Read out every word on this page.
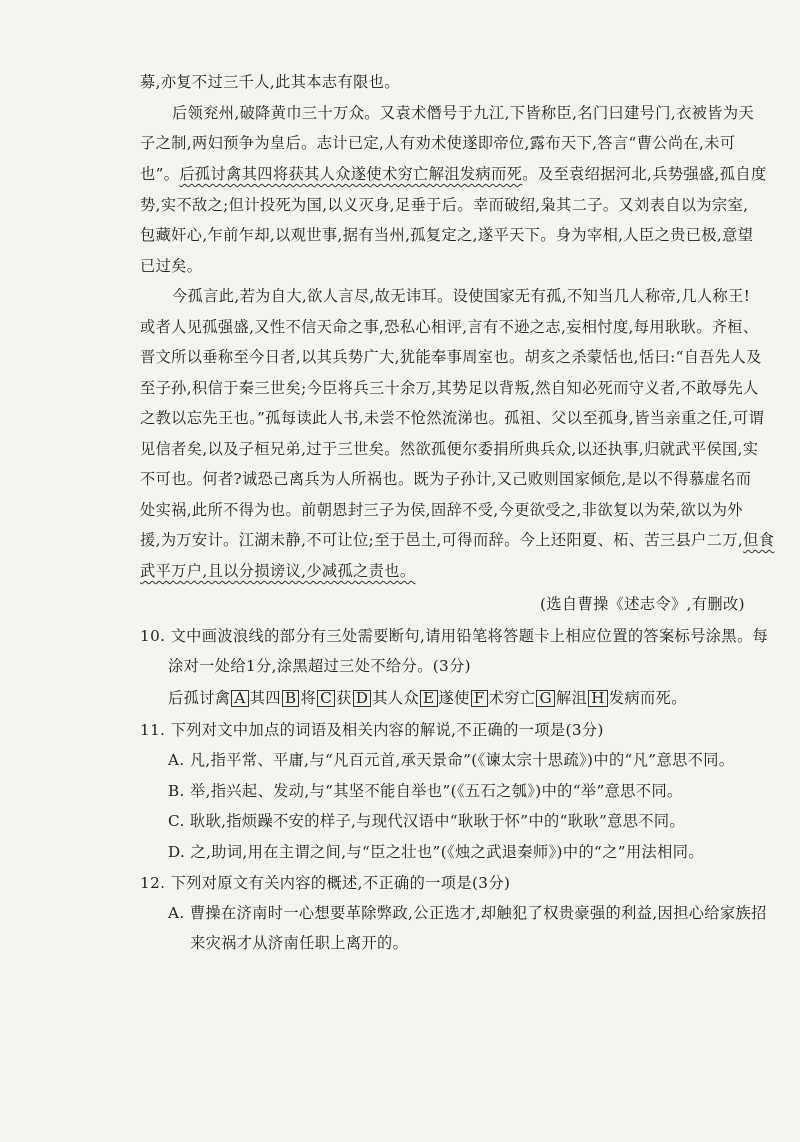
募,亦复不过三千人,此其本志有限也。
后领兖州,破降黄巾三十万众。又袁术僭号于九江,下皆称臣,名门曰建号门,衣被皆为天
子之制,两妇预争为皇后。志计已定,人有劝术使遂即帝位,露布天下,答言“曹公尚在,未可
也”。后孤讨禽其四将获其人众遂使术穷亡解沮发病而死。及至袁绍据河北,兵势强盛,孤自度
势,实不敌之;但计投死为国,以义灭身,足垂于后。幸而破绍,枭其二子。又刘表自以为宗室,
包藏奸心,乍前乍却,以观世事,据有当州,孤复定之,遂平天下。身为宰相,人臣之贵已极,意望
已过矣。
今孤言此,若为自大,欲人言尽,故无讳耳。设使国家无有孤,不知当几人称帝,几人称王!
或者人见孤强盛,又性不信天命之事,恐私心相评,言有不逊之志,妄相忖度,每用耿耿。齐桓、
晋文所以垂称至今日者,以其兵势广大,犹能奉事周室也。胡亥之杀蒙恬也,恬曰:“自吾先人及
至子孙,积信于秦三世矣;今臣将兵三十余万,其势足以背叛,然自知必死而守义者,不敢辱先人
之教以忘先王也。”孤每读此人书,未尝不怆然流涕也。孤祖、父以至孤身,皆当亲重之任,可谓
见信者矣,以及子桓兄弟,过于三世矣。然欲孤便尔委捐所典兵众,以还执事,归就武平侯国,实
不可也。何者?诚恐己离兵为人所祸也。既为子孙计,又己败则国家倾危,是以不得慕虚名而
处实祸,此所不得为也。前朝恩封三子为侯,固辞不受,今更欲受之,非欲复以为荣,欲以为外
援,为万安计。江湖未静,不可让位;至于邑土,可得而辞。今上还阳夏、柘、苦三县户二万,但食
武平万户,且以分损谤议,少减孤之责也。
(选自曹操《述志令》,有删改)
10. 文中画波浪线的部分有三处需要断句,请用铅笔将答题卡上相应位置的答案标号涂黑。每
涂对一处给1分,涂黑超过三处不给分。(3分)
后孤讨禽 A 其四 B 将 C 获 D 其人众 E 遂使 F 术穷亡 G 解沮 H 发病而死。
11. 下列对文中加点的词语及相关内容的解说,不正确的一项是(3分)
A. 凡,指平常、平庸,与“凡百元首,承天景命”(《谏太宗十思疏》)中的“凡”意思不同。
B. 举,指兴起、发动,与“其坚不能自举也”(《五石之瓠》)中的“举”意思不同。
C. 耿耿,指烦躁不安的样子,与现代汉语中“耿耿于怀”中的“耿耿”意思不同。
D. 之,助词,用在主谓之间,与“臣之壮也”(《烛之武退秦师》)中的“之”用法相同。
12. 下列对原文有关内容的概述,不正确的一项是(3分)
A. 曹操在济南时一心想要革除弊政,公正选才,却触犯了权贵豪强的利益,因担心给家族招
来灾祸才从济南任职上离开的。
